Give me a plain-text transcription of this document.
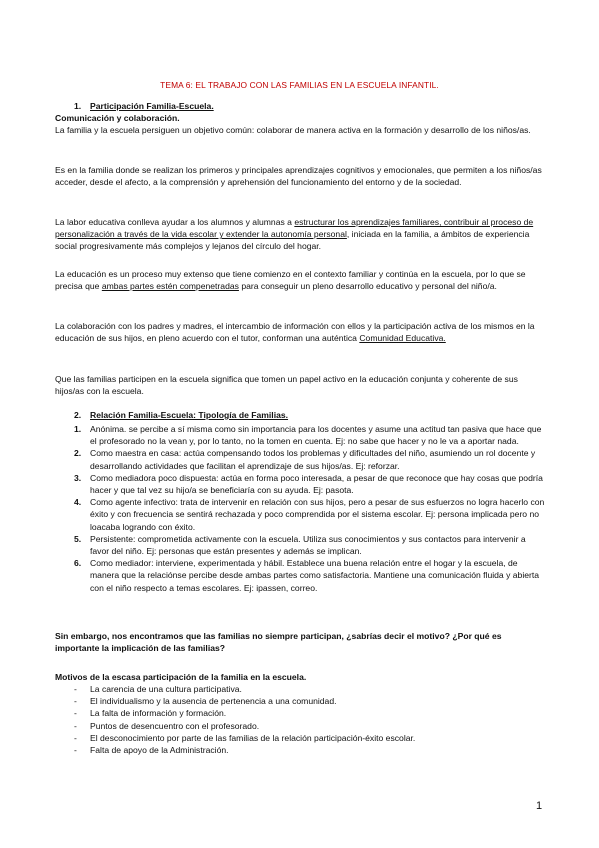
TEMA 6: EL TRABAJO CON LAS FAMILIAS EN LA ESCUELA INFANTIL.
1. Participación Familia-Escuela.
Comunicación y colaboración.
La familia y la escuela persiguen un objetivo común: colaborar de manera activa en la formación y desarrollo de los niños/as.
Es en la familia donde se realizan los primeros y principales aprendizajes cognitivos y emocionales, que permiten a los niños/as acceder, desde el afecto, a la comprensión y aprehensión del funcionamiento del entorno y de la sociedad.
La labor educativa conlleva ayudar a los alumnos y alumnas a estructurar los aprendizajes familiares, contribuir al proceso de personalización a través de la vida escolar y extender la autonomía personal, iniciada en la familia, a ámbitos de experiencia social progresivamente más complejos y lejanos del círculo del hogar.
La educación es un proceso muy extenso que tiene comienzo en el contexto familiar y continúa en la escuela, por lo que se precisa que ambas partes estén compenetradas para conseguir un pleno desarrollo educativo y personal del niño/a.
La colaboración con los padres y madres, el intercambio de información con ellos y la participación activa de los mismos en la educación de sus hijos, en pleno acuerdo con el tutor, conforman una auténtica Comunidad Educativa.
Que las familias participen en la escuela significa que tomen un papel activo en la educación conjunta y coherente de sus hijos/as con la escuela.
2. Relación Familia-Escuela: Tipología de Familias.
1. Anónima. se percibe a sí misma como sin importancia para los docentes y asume una actitud tan pasiva que hace que el profesorado no la vean y, por lo tanto, no la tomen en cuenta. Ej: no sabe que hacer y no le va a aportar nada.
2. Como maestra en casa: actúa compensando todos los problemas y dificultades del niño, asumiendo un rol docente y desarrollando actividades que facilitan el aprendizaje de sus hijos/as. Ej: reforzar.
3. Como mediadora poco dispuesta: actúa en forma poco interesada, a pesar de que reconoce que hay cosas que podría hacer y que tal vez su hijo/a se beneficiaría con su ayuda. Ej: pasota.
4. Como agente infectivo: trata de intervenir en relación con sus hijos, pero a pesar de sus esfuerzos no logra hacerlo con éxito y con frecuencia se sentirá rechazada y poco comprendida por el sistema escolar. Ej: persona implicada pero no loacaba logrando con éxito.
5. Persistente: comprometida activamente con la escuela. Utiliza sus conocimientos y sus contactos para intervenir a favor del niño. Ej: personas que están presentes y además se implican.
6. Como mediador: interviene, experimentada y hábil. Establece una buena relación entre el hogar y la escuela, de manera que la relaciónse percibe desde ambas partes como satisfactoria. Mantiene una comunicación fluida y abierta con el niño respecto a temas escolares. Ej: ipassen, correo.
Sin embargo, nos encontramos que las familias no siempre participan, ¿sabrías decir el motivo? ¿Por qué es importante la implicación de las familias?
Motivos de la escasa participación de la familia en la escuela.
- La carencia de una cultura participativa.
- El individualismo y la ausencia de pertenencia a una comunidad.
- La falta de información y formación.
- Puntos de desencuentro con el profesorado.
- El desconocimiento por parte de las familias de la relación participación-éxito escolar.
- Falta de apoyo de la Administración.
1
